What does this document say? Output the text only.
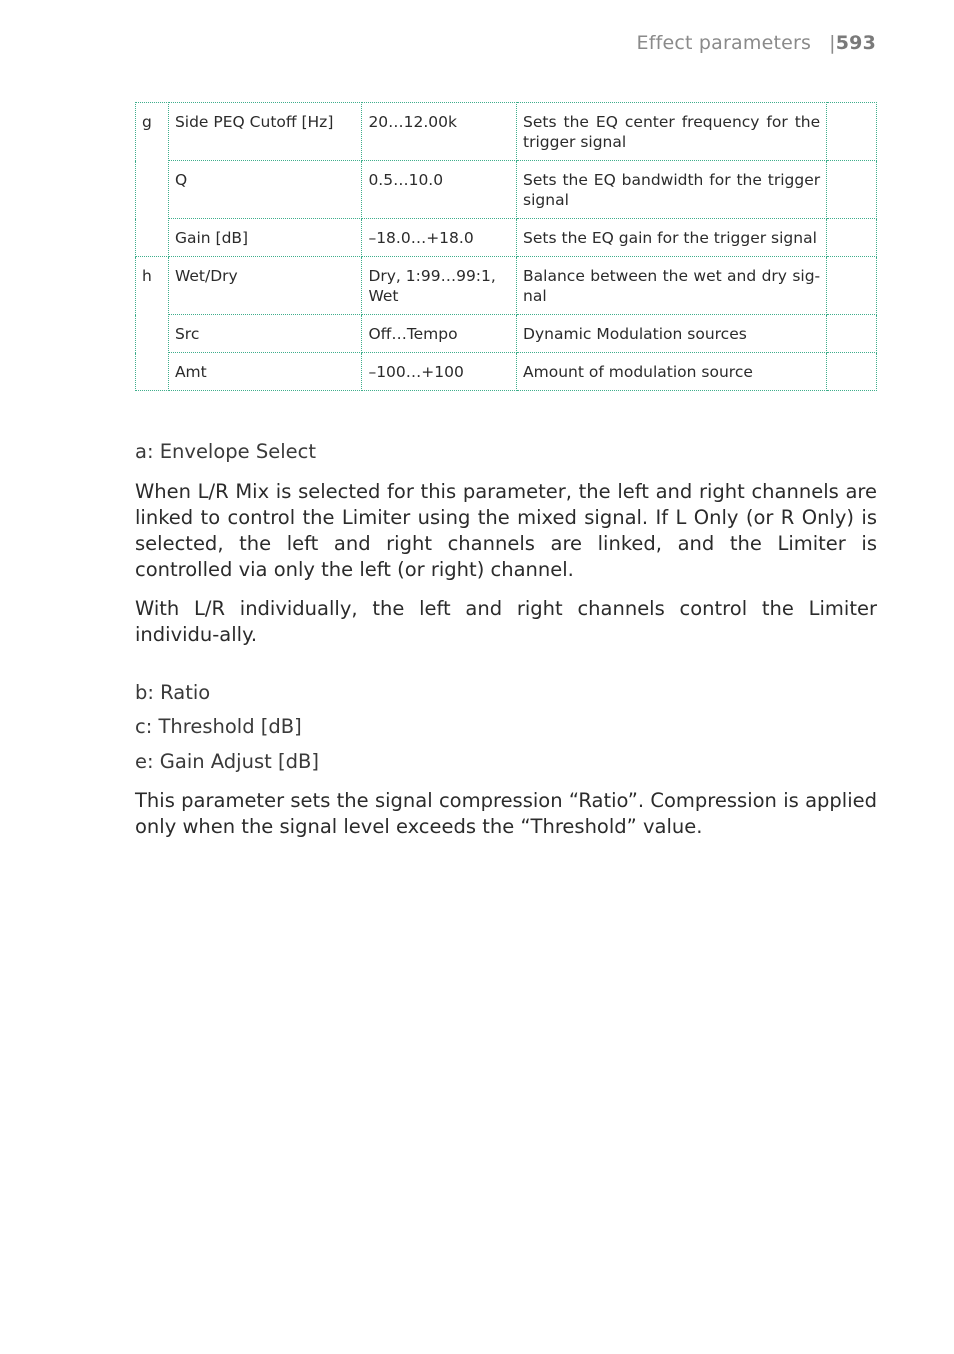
Effect parameters |593
g	Side PEQ Cutoff [Hz]	20…12.00k	Sets the EQ center frequency for the trigger signal	
	Q	0.5…10.0	Sets the EQ bandwidth for the trigger signal	
	Gain [dB]	–18.0…+18.0	Sets the EQ gain for the trigger signal	
h	Wet/Dry	Dry, 1:99…99:1, Wet	Balance between the wet and dry sig-nal	
	Src	Off…Tempo	Dynamic Modulation sources	
	Amt	–100…+100	Amount of modulation source	
a: Envelope Select

When L/R Mix is selected for this parameter, the left and right channels are linked to control the Limiter using the mixed signal. If L Only (or R Only) is selected, the left and right channels are linked, and the Limiter is controlled via only the left (or right) channel.

With L/R individually, the left and right channels control the Limiter individu-ally.

b: Ratio
c: Threshold [dB]
e: Gain Adjust [dB]

This parameter sets the signal compression “Ratio”. Compression is applied only when the signal level exceeds the “Threshold” value.
